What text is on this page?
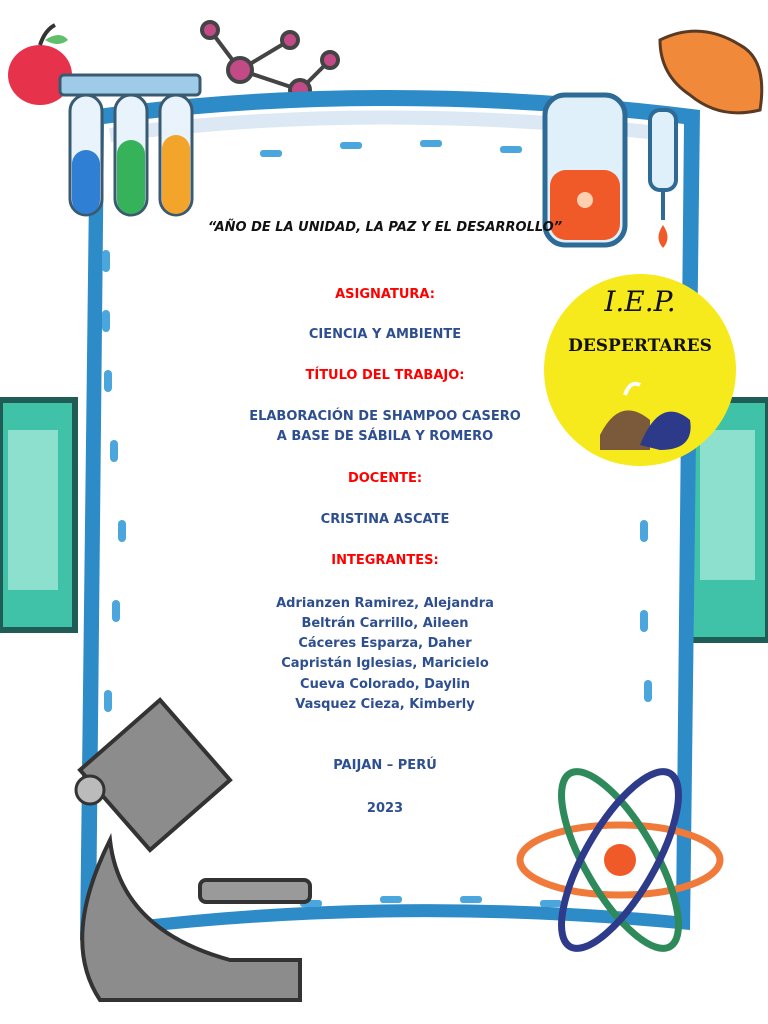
“AÑO DE LA UNIDAD, LA PAZ Y EL DESARROLLO”
I.E.P.
DESPERTARES
ASIGNATURA:
CIENCIA Y AMBIENTE
TÍTULO DEL TRABAJO:
ELABORACIÓN DE SHAMPOO CASERO
A BASE DE SÁBILA Y ROMERO
DOCENTE:
CRISTINA ASCATE
INTEGRANTES:
Adrianzen Ramirez, Alejandra
Beltrán Carrillo, Aileen
Cáceres Esparza, Daher
Capristán Iglesias, Maricielo
Cueva Colorado, Daylin
Vasquez Cieza, Kimberly
PAIJAN – PERÚ
2023
